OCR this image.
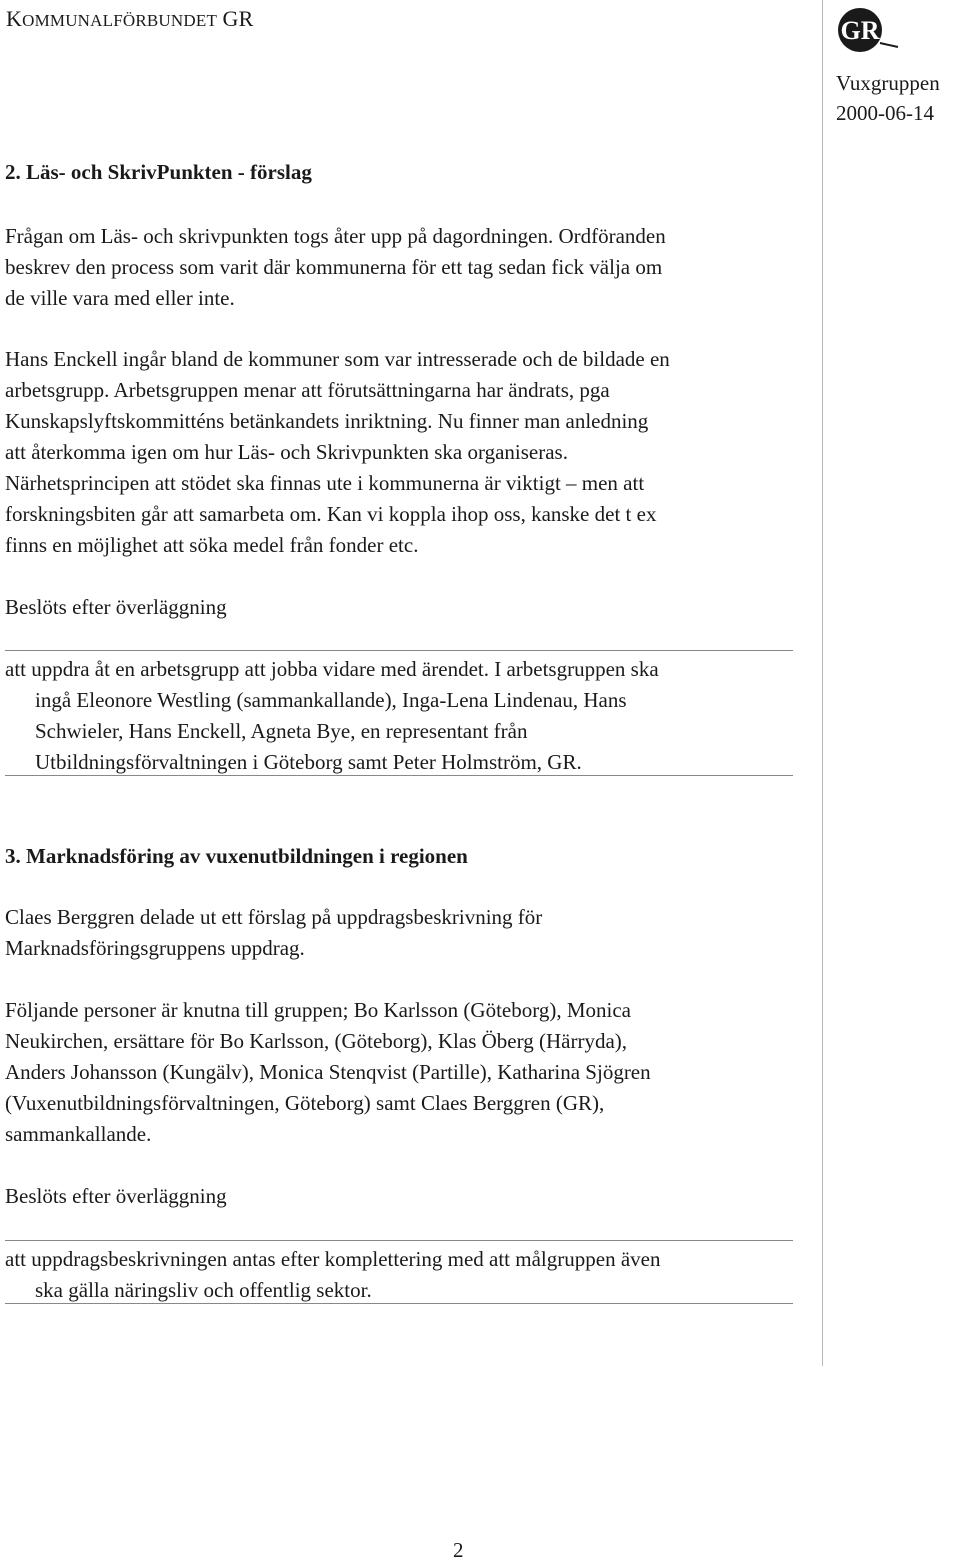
KOMMUNALFÖRBUNDET GR	GR
Vuxgruppen
2000-06-14

2. Läs- och SkrivPunkten - förslag

Frågan om Läs- och skrivpunkten togs åter upp på dagordningen. Ordföranden
beskrev den process som varit där kommunerna för ett tag sedan fick välja om
de ville vara med eller inte.

Hans Enckell ingår bland de kommuner som var intresserade och de bildade en
arbetsgrupp. Arbetsgruppen menar att förutsättningarna har ändrats, pga
Kunskapslyftskommitténs betänkandets inriktning. Nu finner man anledning
att återkomma igen om hur Läs- och Skrivpunkten ska organiseras.
Närhetsprincipen att stödet ska finnas ute i kommunerna är viktigt – men att
forskningsbiten går att samarbeta om. Kan vi koppla ihop oss, kanske det t ex
finns en möjlighet att söka medel från fonder etc.

Beslöts efter överläggning

att uppdra åt en arbetsgrupp att jobba vidare med ärendet. I arbetsgruppen ska
ingå Eleonore Westling (sammankallande), Inga-Lena Lindenau, Hans
Schwieler, Hans Enckell, Agneta Bye, en representant från
Utbildningsförvaltningen i Göteborg samt Peter Holmström, GR.

3. Marknadsföring av vuxenutbildningen i regionen

Claes Berggren delade ut ett förslag på uppdragsbeskrivning för
Marknadsföringsgruppens uppdrag.

Följande personer är knutna till gruppen; Bo Karlsson (Göteborg), Monica
Neukirchen, ersättare för Bo Karlsson, (Göteborg), Klas Öberg (Härryda),
Anders Johansson (Kungälv), Monica Stenqvist (Partille), Katharina Sjögren
(Vuxenutbildningsförvaltningen, Göteborg) samt Claes Berggren (GR),
sammankallande.

Beslöts efter överläggning

att uppdragsbeskrivningen antas efter komplettering med att målgruppen även
ska gälla näringsliv och offentlig sektor.

2
